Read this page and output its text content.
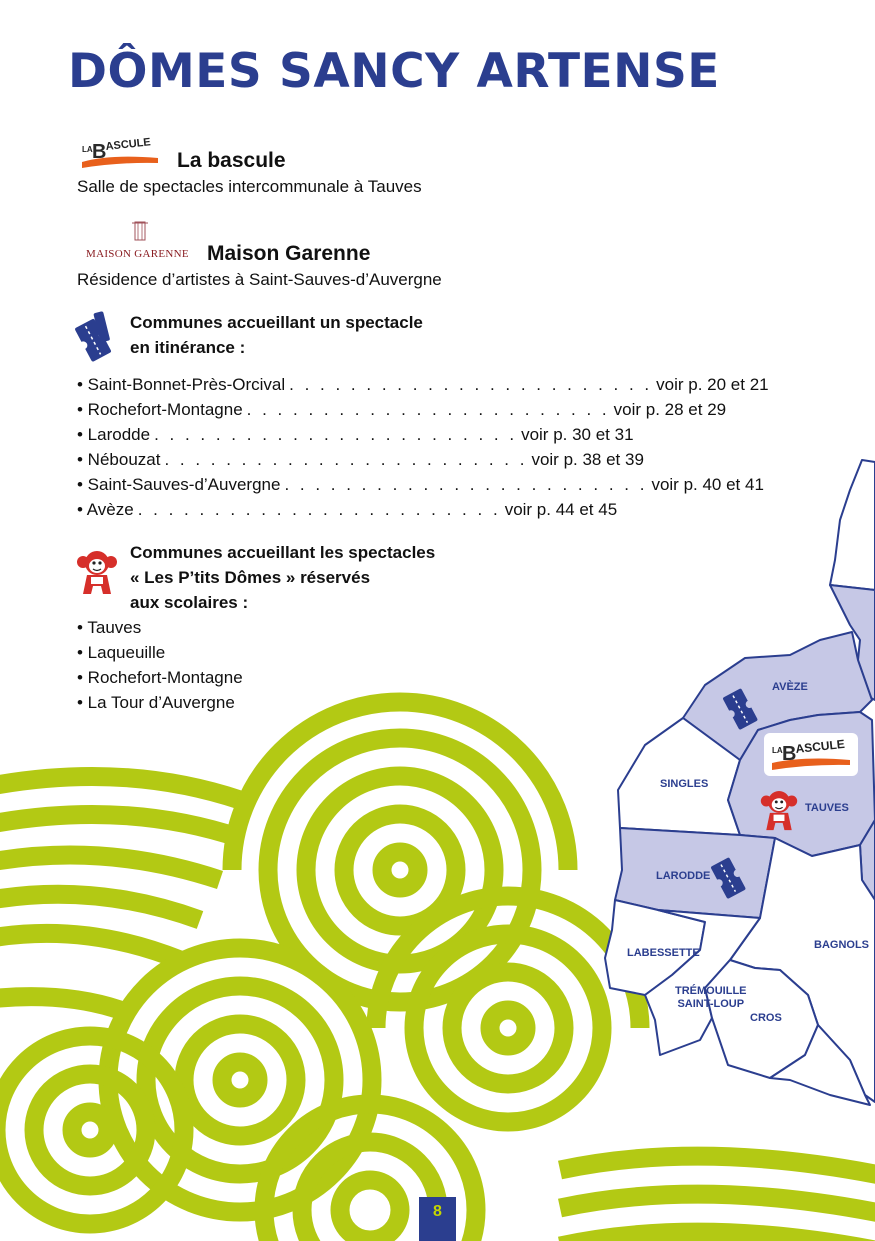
DÔMES SANCY ARTENSE
LA B
ASCULE
La bascule
Salle de spectacles intercommunale à Tauves
MAISON GARENNE Maison Garenne
Résidence d’artistes à Saint-Sauves-d’Auvergne
Communes accueillant un spectacle
en itinérance :
• Saint-Bonnet-Près-Orcival . . . . . . . . . . . . . . . . . . . . . . . . voir p. 20 et 21
• Rochefort-Montagne . . . . . . . . . . . . . . . . . . . . . . . . voir p. 28 et 29
• Larodde . . . . . . . . . . . . . . . . . . . . . . . . voir p. 30 et 31
• Nébouzat . . . . . . . . . . . . . . . . . . . . . . . . voir p. 38 et 39
• Saint-Sauves-d’Auvergne . . . . . . . . . . . . . . . . . . . . . . . . voir p. 40 et 41
• Avèze . . . . . . . . . . . . . . . . . . . . . . . . voir p. 44 et 45
Communes accueillant les spectacles
« Les P’tits Dômes » réservés
aux scolaires :
• Tauves
• Laqueuille
• Rochefort-Montagne
• La Tour d’Auvergne
LA B
ASCULE
AVÈZE
SINGLES
TAUVES
LARODDE
LABESSETTE
BAGNOLS
TRÉMOUILLE
SAINT-LOUP
CROS
8
